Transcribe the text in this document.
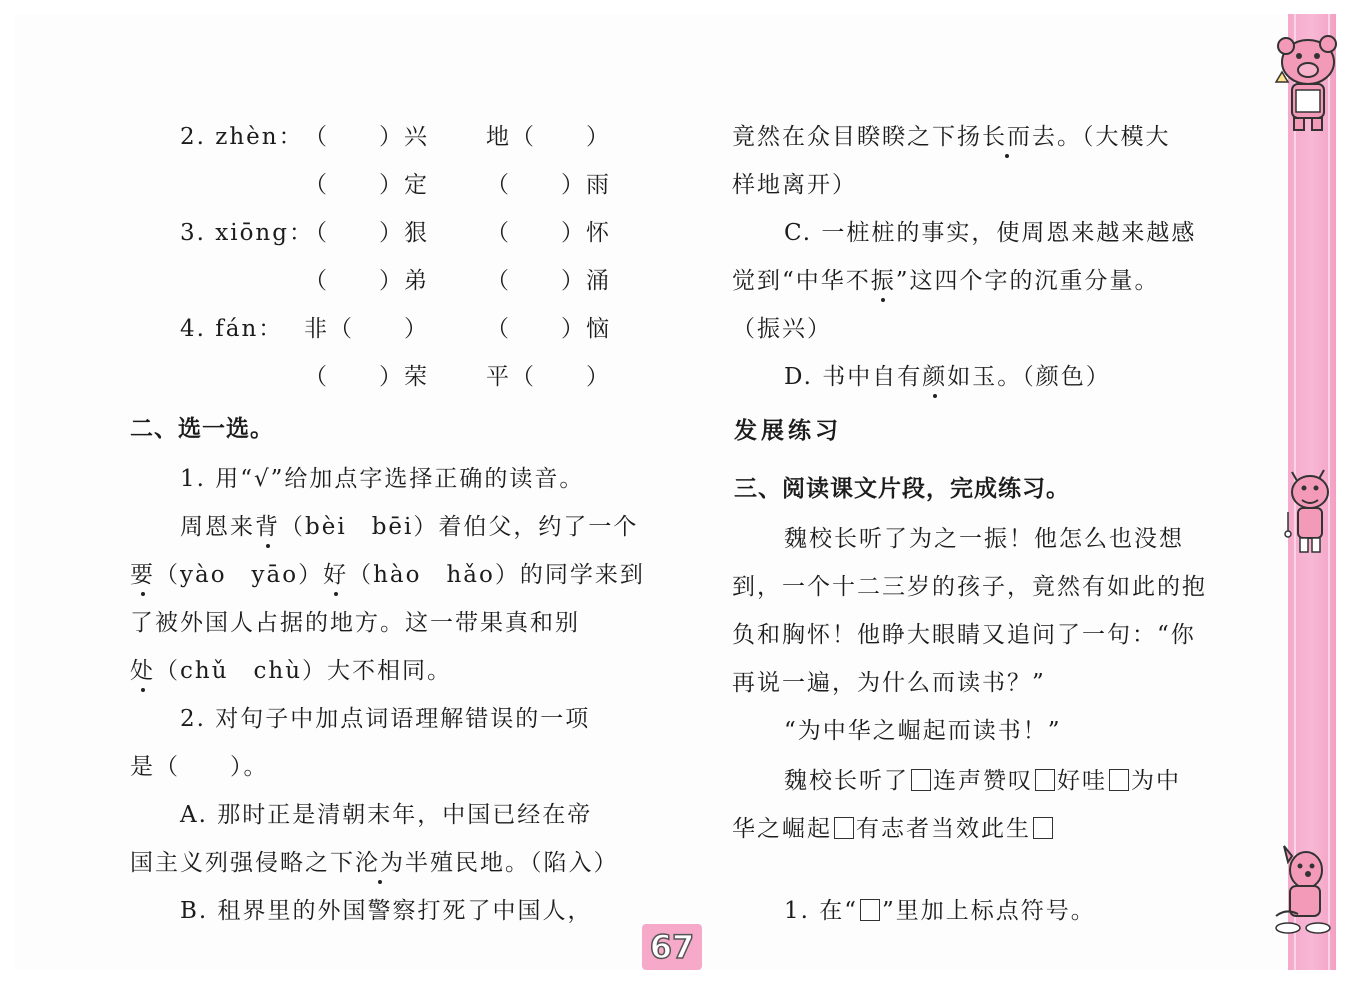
2. zhèn： （　　）兴 地（　　）
（　　）定 （　　）雨
3. xiōng：
（　　）狠 （　　）怀
（　　）弟 （　　）涌
4. fán： 非（　　） （　　）恼
（　　）荣 平（　　）
二、选一选。
1. 用“√”给加点字选择正确的读音。
周恩来背（bèi　bēi）着伯父，约了一个
要（yào　yāo）好（hào　hǎo）的同学来到
了被外国人占据的地方。这一带果真和别
处（chǔ　chù）大不相同。
2. 对句子中加点词语理解错误的一项
是（　　）。
A. 那时正是清朝末年，中国已经在帝
国主义列强侵略之下沦为半殖民地。（陷入）
B. 租界里的外国警察打死了中国人，
竟然在众目睽睽之下扬长而去。（大模大
样地离开）
C. 一桩桩的事实，使周恩来越来越感
觉到“中华不振”这四个字的沉重分量。
（振兴）
D. 书中自有颜如玉。（颜色）
发展练习
三、阅读课文片段，完成练习。
魏校长听了为之一振！他怎么也没想
到，一个十二三岁的孩子，竟然有如此的抱
负和胸怀！他睁大眼睛又追问了一句：“你
再说一遍，为什么而读书？”
“为中华之崛起而读书！”
魏校长听了 连声赞叹 好哇 为中
华之崛起 有志者当效此生
1. 在“ ”里加上标点符号。
67
